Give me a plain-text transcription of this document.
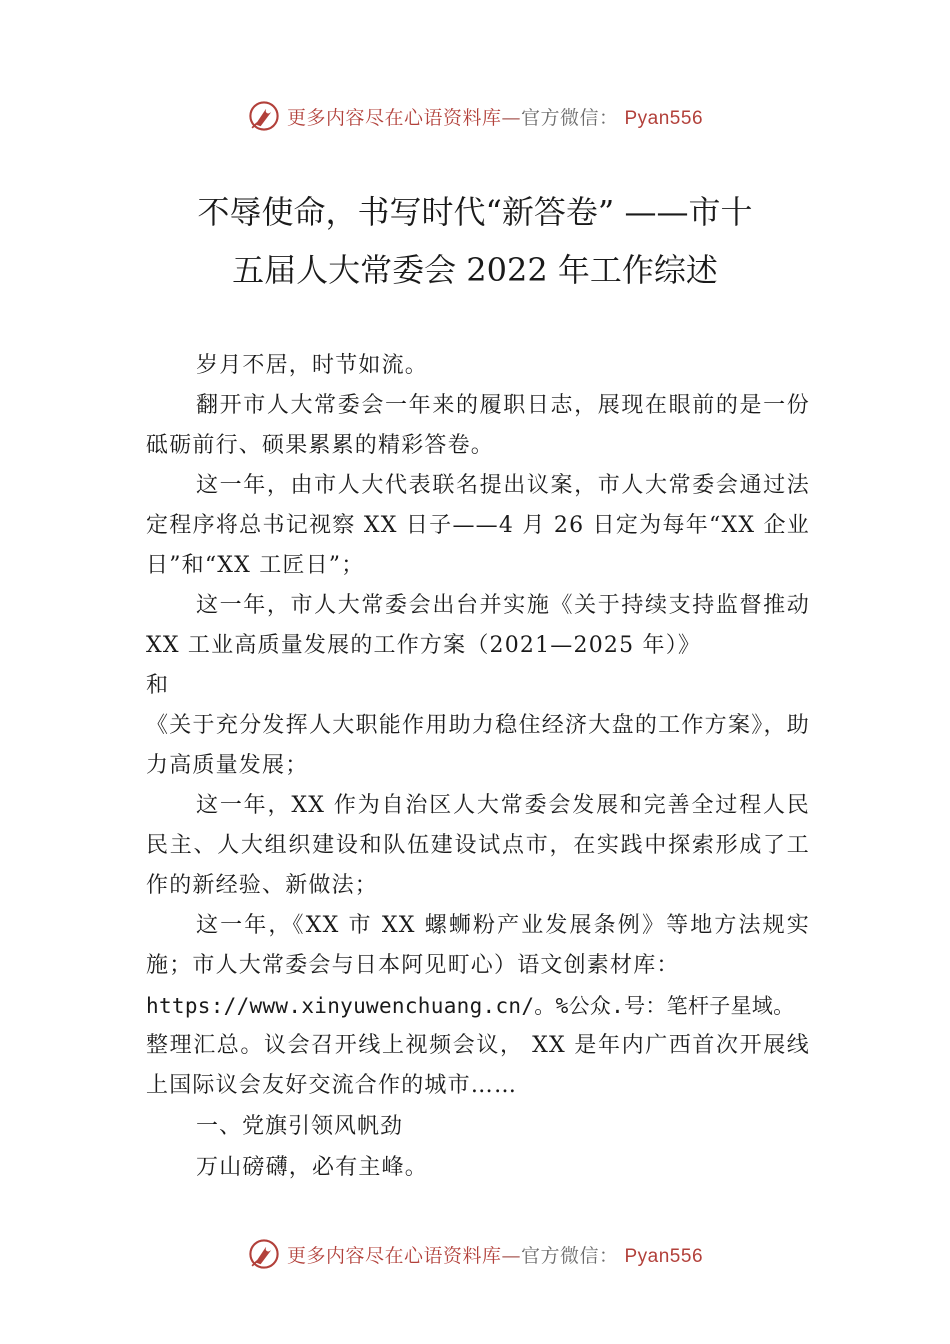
更多内容尽在心语资料库—官方微信： Pyan556
不辱使命，书写时代“新答卷” ——市十
五届人大常委会 2022 年工作综述

岁月不居，时节如流。

翻开市人大常委会一年来的履职日志，展现在眼前的是一份砥砺前行、硕果累累的精彩答卷。

这一年，由市人大代表联名提出议案，市人大常委会通过法定程序将总书记视察 XX 日子——4 月 26 日定为每年“XX 企业日”和“XX 工匠日”；

这一年，市人大常委会出台并实施《关于持续支持监督推动 XX 工业高质量发展的工作方案（2021—2025 年）》

和

《关于充分发挥人大职能作用助力稳住经济大盘的工作方案》，助力高质量发展；

这一年，XX 作为自治区人大常委会发展和完善全过程人民民主、人大组织建设和队伍建设试点市，在实践中探索形成了工作的新经验、新做法；

这一年，《XX 市 XX 螺蛳粉产业发展条例》等地方法规实施；市人大常委会与日本阿见町心）语文创素材库：

https://www.xinyuwenchuang.cn/。%公众.号：笔杆子星域。

整理汇总。议会召开线上视频会议， XX 是年内广西首次开展线上国际议会友好交流合作的城市……

一、党旗引领风帆劲

万山磅礴，必有主峰。

更多内容尽在心语资料库—官方微信： Pyan556
